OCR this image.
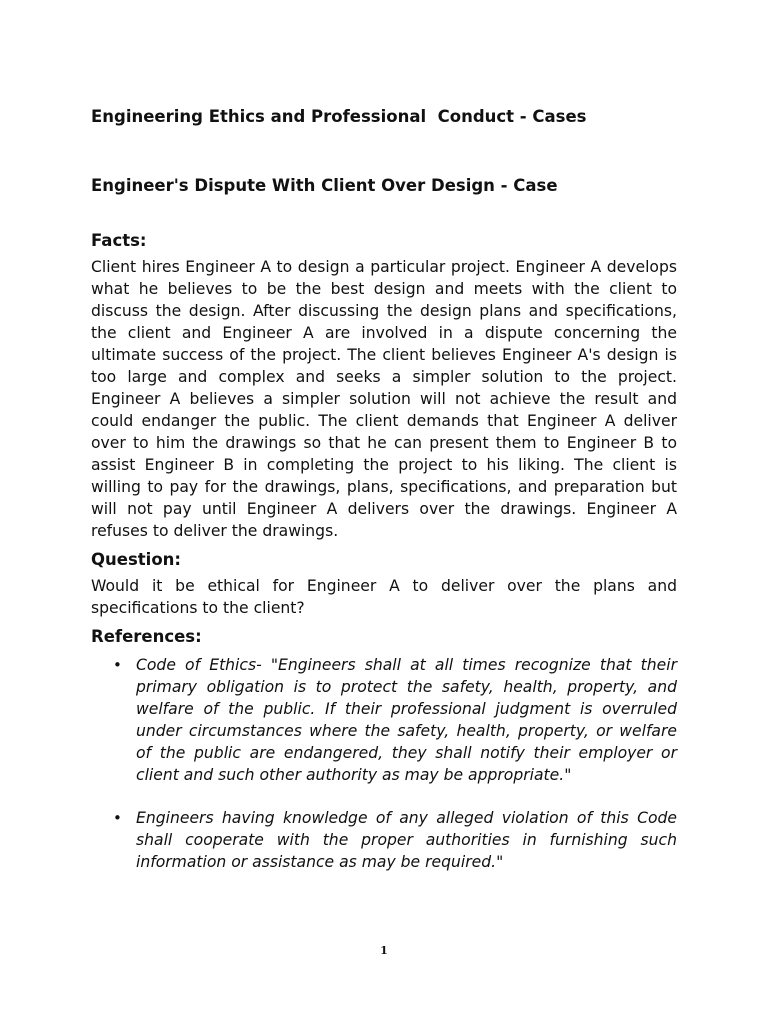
Engineering Ethics and Professional  Conduct - Cases
Engineer's Dispute With Client Over Design - Case
Facts:

Client hires Engineer A to design a particular project. Engineer A develops what he believes to be the best design and meets with the client to discuss the design. After discussing the design plans and specifications, the client and Engineer A are involved in a dispute concerning the ultimate success of the project. The client believes Engineer A's design is too large and complex and seeks a simpler solution to the project. Engineer A believes a simpler solution will not achieve the result and could endanger the public. The client demands that Engineer A deliver over to him the drawings so that he can present them to Engineer B to assist Engineer B in completing the project to his liking. The client is willing to pay for the drawings, plans, specifications, and preparation but will not pay until Engineer A delivers over the drawings. Engineer A refuses to deliver the drawings.

Question:

Would it be ethical for Engineer A to deliver over the plans and specifications to the client?

References:
• Code of Ethics- "Engineers shall at all times recognize that their primary obligation is to protect the safety, health, property, and welfare of the public. If their professional judgment is overruled under circumstances where the safety, health, property, or welfare of the public are endangered, they shall notify their employer or client and such other authority as may be appropriate."
• Engineers having knowledge of any alleged violation of this Code shall cooperate with the proper authorities in furnishing such information or assistance as may be required."
1
